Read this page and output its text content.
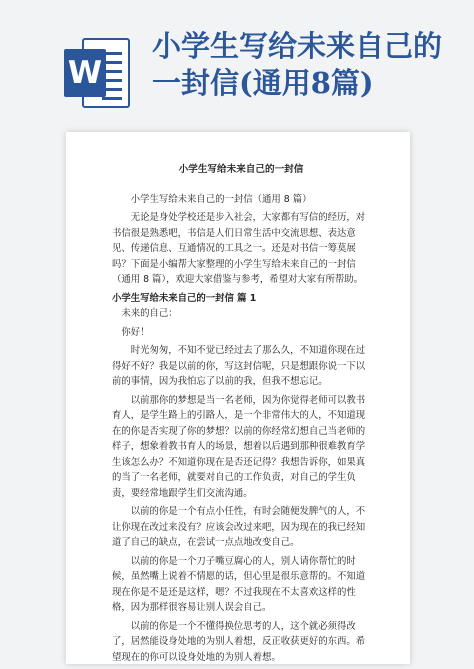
W
小学生写给未来自己的一封信(通用8篇)
小学生写给未来自己的一封信

小学生写给未来自己的一封信（通用 8 篇）

无论是身处学校还是步入社会，大家都有写信的经历，对书信很是熟悉吧，书信是人们日常生活中交流思想、表达意见、传递信息、互通情况的工具之一。还是对书信一筹莫展吗？下面是小编帮大家整理的小学生写给未来自己的一封信（通用 8 篇），欢迎大家借鉴与参考，希望对大家有所帮助。

小学生写给未来自己的一封信 篇 1

未来的自己：

你好！

时光匆匆，不知不觉已经过去了那么久，不知道你现在过得好不好？我是以前的你，写这封信呢，只是想跟你说一下以前的事情，因为我怕忘了以前的我，但我不想忘记。

以前那你的梦想是当一名老师，因为你觉得老师可以教书育人，是学生路上的引路人，是一个非常伟大的人，不知道现在的你是否实现了你的梦想？以前的你经常幻想自己当老师的样子，想象着教书育人的场景，想着以后遇到那种很难教育学生该怎么办？不知道你现在是否还记得？我想告诉你，如果真的当了一名老师，就要对自己的工作负责，对自己的学生负责，要经常地跟学生们交流沟通。

以前的你是一个有点小任性，有时会随便发脾气的人，不让你现在改过来没有？应该会改过来吧，因为现在的我已经知道了自己的缺点，在尝试一点点地改变自己。

以前的你是一个刀子嘴豆腐心的人，别人请你帮忙的时候，虽然嘴上说着不情愿的话，但心里是很乐意帮的。不知道现在你是不是还是这样，嗯？不过我现在不太喜欢这样的性格，因为那样很容易让别人误会自己。

以前的你是一个不懂得换位思考的人，这个就必须得改了，居然能设身处地的为别人着想，反正收获更好的东西。希望现在的你可以设身处地的为别人着想。
